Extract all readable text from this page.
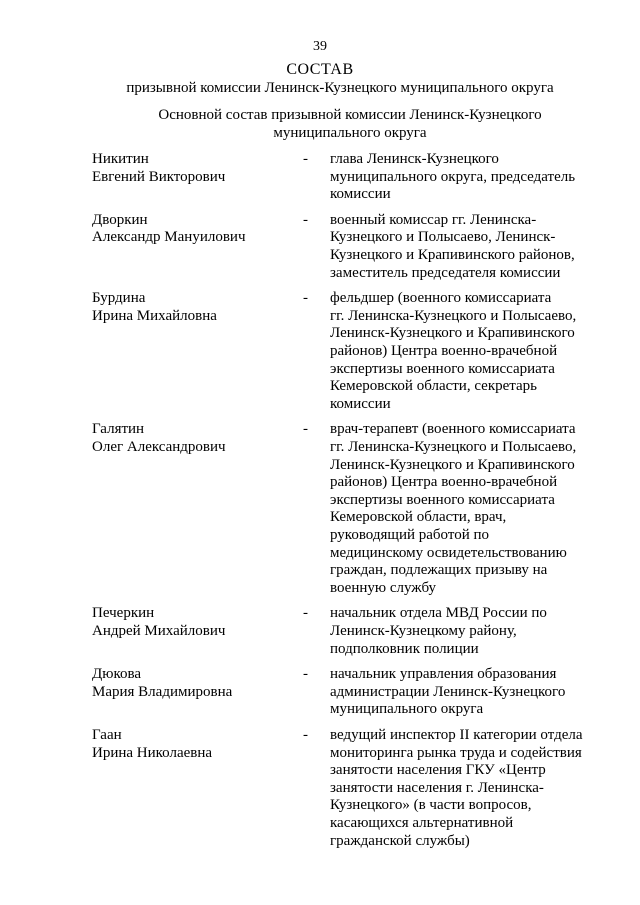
39
СОСТАВ
призывной комиссии Ленинск-Кузнецкого муниципального округа
Основной состав призывной комиссии Ленинск-Кузнецкого
муниципального округа
Никитин
Евгений Викторович
- глава Ленинск-Кузнецкого
муниципального округа, председатель
комиссии
Дворкин
Александр Мануилович
- военный комиссар гг. Ленинска-
Кузнецкого и Полысаево, Ленинск-
Кузнецкого и Крапивинского районов,
заместитель председателя комиссии
Бурдина
Ирина Михайловна
- фельдшер (военного комиссариата
гг. Ленинска-Кузнецкого и Полысаево,
Ленинск-Кузнецкого и Крапивинского
районов) Центра военно-врачебной
экспертизы военного комиссариата
Кемеровской области, секретарь
комиссии
Галятин
Олег Александрович
- врач-терапевт (военного комиссариата
гг. Ленинска-Кузнецкого и Полысаево,
Ленинск-Кузнецкого и Крапивинского
районов) Центра военно-врачебной
экспертизы военного комиссариата
Кемеровской области, врач,
руководящий работой по
медицинскому освидетельствованию
граждан, подлежащих призыву на
военную службу
Печеркин
Андрей Михайлович
- начальник отдела МВД России по
Ленинск-Кузнецкому району,
подполковник полиции
Дюкова
Мария Владимировна
- начальник управления образования
администрации Ленинск-Кузнецкого
муниципального округа
Гаан
Ирина Николаевна
- ведущий инспектор II категории отдела
мониторинга рынка труда и содействия
занятости населения ГКУ «Центр
занятости населения г. Ленинска-
Кузнецкого» (в части вопросов,
касающихся альтернативной
гражданской службы)
